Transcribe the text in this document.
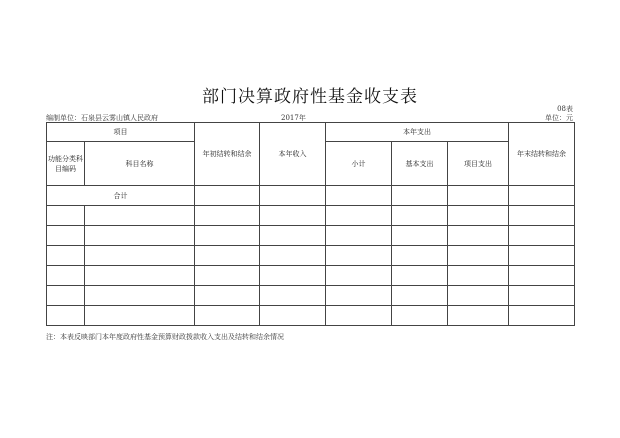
部门决算政府性基金收支表
08表
编制单位：石泉县云雾山镇人民政府	2017年	单位：元
项目		年初结转和结余	本年收入	本年支出			年末结转和结余
功能分类科目编码	科目名称			小计	基本支出	项目支出	
合计							

注：本表反映部门本年度政府性基金预算财政拨款收入支出及结转和结余情况
